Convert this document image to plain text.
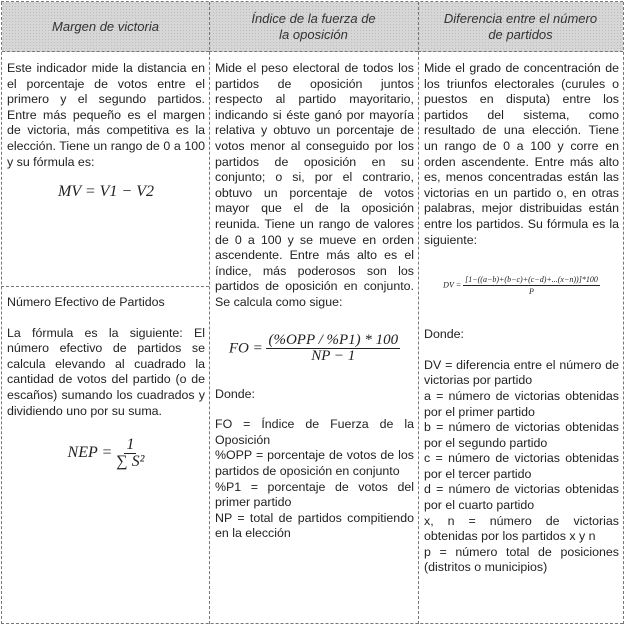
Margen de victoria
Índice de la fuerza de la oposición
Diferencia entre el número de partidos

Este indicador mide la distancia en el porcentaje de votos entre el primero y el segundo partidos. Entre más pequeño es el margen de victoria, más competitiva es la elección. Tiene un rango de 0 a 100 y su fórmula es:

MV = V1 − V2

Número Efectivo de Partidos

La fórmula es la siguiente: El número efectivo de partidos se calcula elevando al cuadrado la cantidad de votos del partido (o de escaños) sumando los cuadrados y dividiendo uno por su suma.

NEP = $\frac{1}{\text{∑ S²}}$

Mide el peso electoral de todos los partidos de oposición juntos respecto al partido mayoritario, indicando si éste ganó por mayoría relativa y obtuvo un porcentaje de votos menor al conseguido por los partidos de oposición en su conjunto; o si, por el contrario, obtuvo un porcentaje de votos mayor que el de la oposición reunida. Tiene un rango de valores de 0 a 100 y se mueve en orden ascendente. Entre más alto es el índice, más poderosos son los partidos de oposición en conjunto. Se calcula como sigue:

FO = $\frac{\text{(\%OPP / \%P1) * 100}}{NP - 1}$

Donde:

FO = Índice de Fuerza de la Oposición

%OPP = porcentaje de votos de los partidos de oposición en conjunto

%P1 = porcentaje de votos del primer partido

NP = total de partidos compitiendo en la elección

Mide el grado de concentración de los triunfos electorales (curules o puestos en disputa) entre los partidos del sistema, como resultado de una elección. Tiene un rango de 0 a 100 y corre en orden ascendente. Entre más alto es, menos concentradas están las victorias en un partido o, en otras palabras, mejor distribuidas están entre los partidos. Su fórmula es la siguiente:

DV = $\frac{[1-((a-b)+(b-c)+(c-d)+...(x-n))]*100}{P}$

Donde:

DV = diferencia entre el número de victorias por partido

a = número de victorias obtenidas por el primer partido

b = número de victorias obtenidas por el segundo partido

c = número de victorias obtenidas por el tercer partido

d = número de victorias obtenidas por el cuarto partido

x, n = número de victorias obtenidas por los partidos x y n

p = número total de posiciones (distritos o municipios)
